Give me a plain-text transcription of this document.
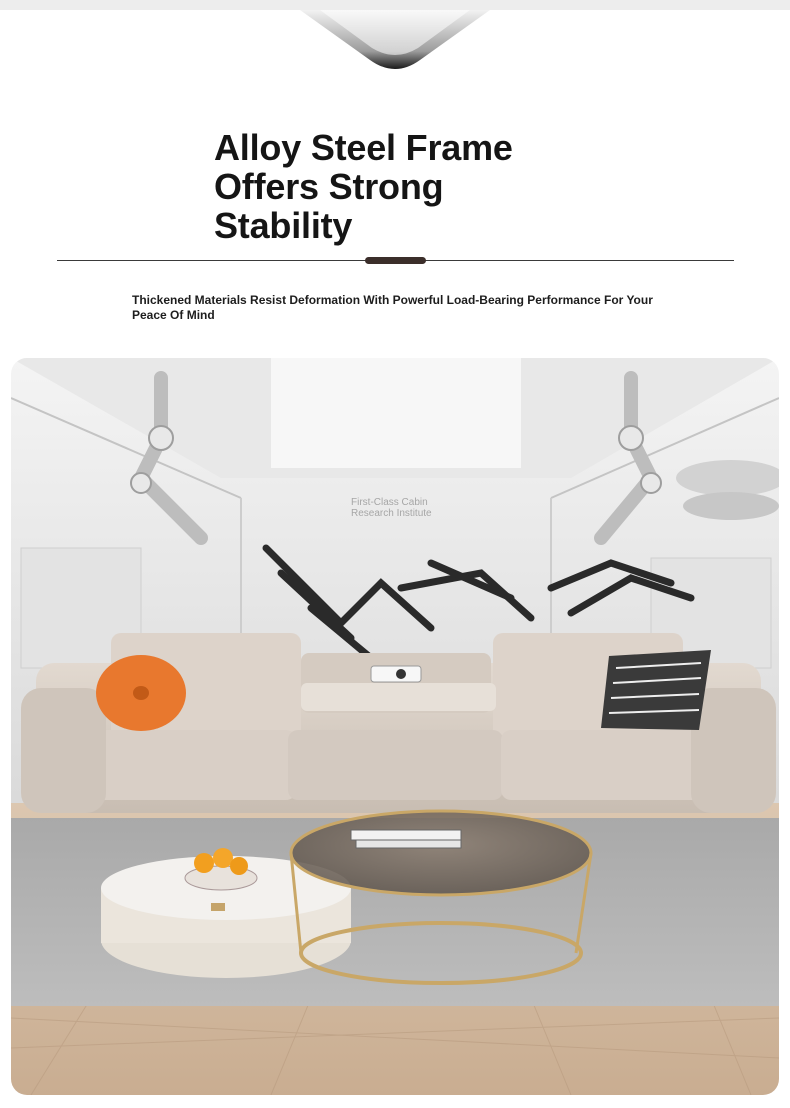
Alloy Steel Frame
Offers Strong
Stability
Thickened Materials Resist Deformation With Powerful Load-Bearing Performance For Your Peace Of Mind
First-Class Cabin
Research Institute
